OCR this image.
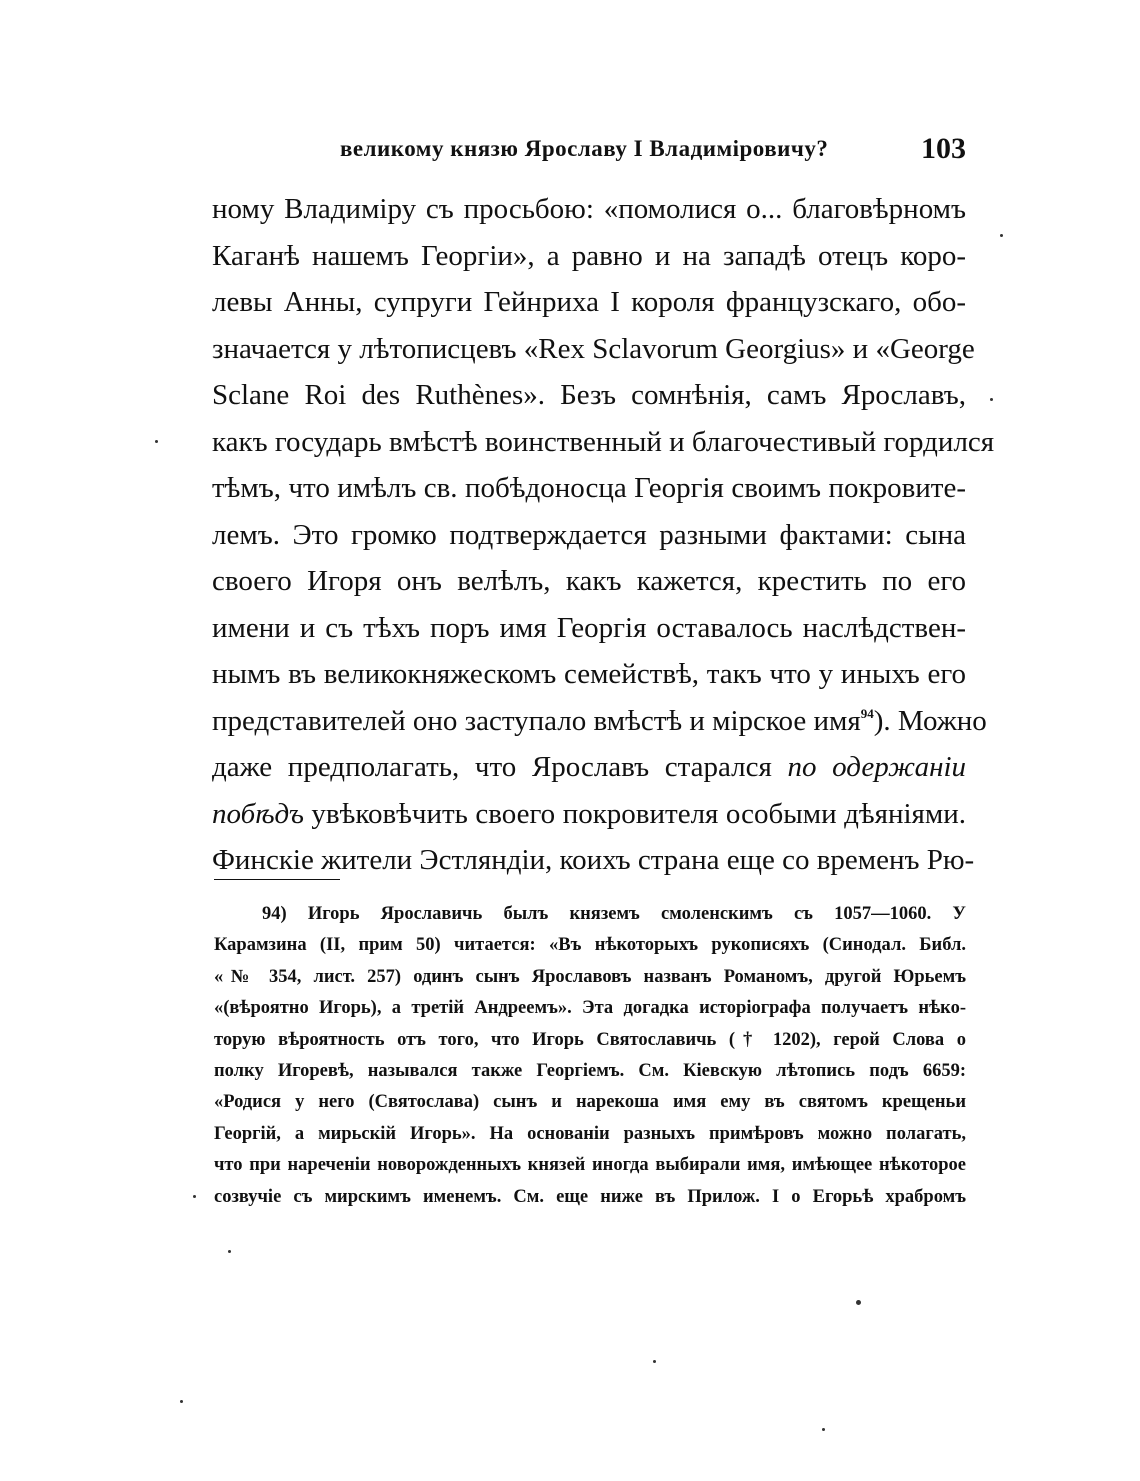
великому князю Ярославу I Владиміровичу?	103
ному Владиміру съ просьбою: «помолися о... благовѣрномъ
Каганѣ нашемъ Георгіи», а равно и на западѣ отецъ коро-
левы Анны, супруги Гейнриха I короля французскаго, обо-
значается у лѣтописцевъ «Rex Sclavorum Georgius» и «George
Sclane Roi des Ruthènes». Безъ сомнѣнія, самъ Ярославъ,
какъ государь вмѣстѣ воинственный и благочестивый гордился
тѣмъ, что имѣлъ св. побѣдоносца Георгія своимъ покровите-
лемъ. Это громко подтверждается разными фактами: сына
своего Игоря онъ велѣлъ, какъ кажется, крестить по его
имени и съ тѣхъ поръ имя Георгія оставалось наслѣдствен-
нымъ въ великокняжескомъ семействѣ, такъ что у иныхъ его
представителей оно заступало вмѣстѣ и мірское имя$^{94}$). Можно
даже предполагать, что Ярославъ старался по одержаніи
побѣдъ увѣковѣчить своего покровителя особыми дѣяніями.
Финскіе жители Эстляндіи, коихъ страна еще со временъ Рю-
94) Игорь Ярославичь былъ княземъ смоленскимъ съ 1057—1060. У
Карамзина (II, прим 50) читается: «Въ нѣкоторыхъ рукописяхъ (Синодал. Библ.
«№ 354, лист. 257) одинъ сынъ Ярославовъ названъ Романомъ, другой Юрьемъ
«(вѣроятно Игорь), а третій Андреемъ». Эта догадка исторіографа получаетъ нѣко-
торую вѣроятность отъ того, что Игорь Святославичь († 1202), герой Слова о
полку Игоревѣ, назывался также Георгіемъ. См. Кіевскую лѣтопись подъ 6659:
«Родися у него (Святослава) сынъ и нарекоша имя ему въ святомъ крещеньи
Георгій, а мирьскій Игорь». На основаніи разныхъ примѣровъ можно полагать,
что при нареченіи новорожденныхъ князей иногда выбирали имя, имѣющее нѣкоторое
созвучіе съ мирскимъ именемъ. См. еще ниже въ Прилож. I о Егорьѣ храбромъ
